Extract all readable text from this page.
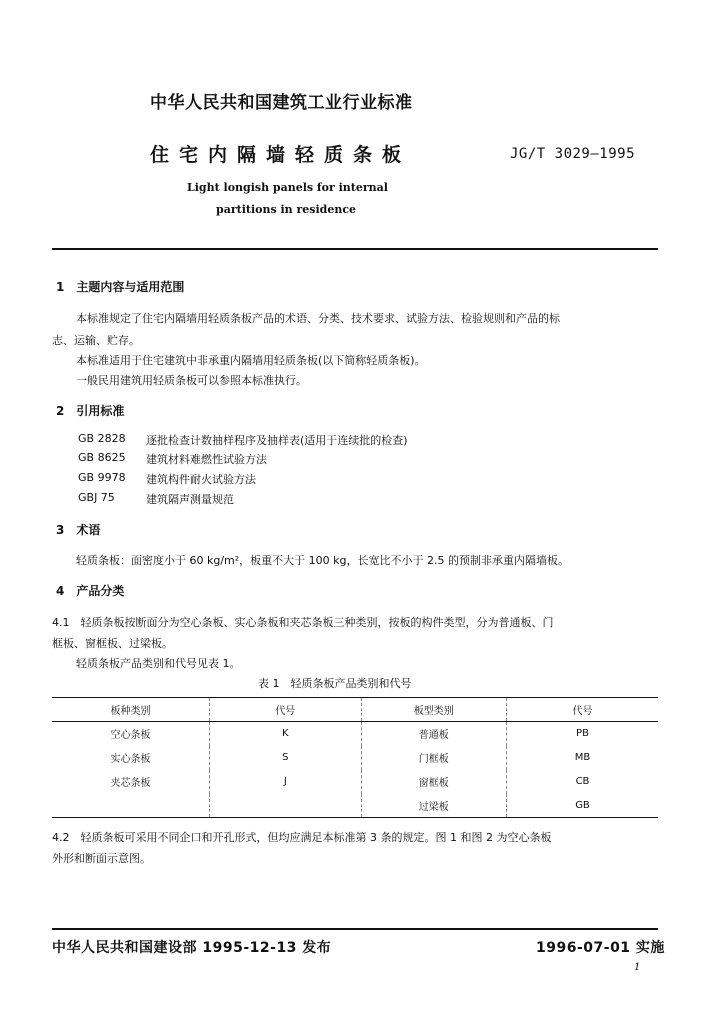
中华人民共和国建筑工业行业标准
住宅内隔墙轻质条板	JG/T 3029—1995
Light longish panels for internal
partitions in residence
1　主题内容与适用范围
本标准规定了住宅内隔墙用轻质条板产品的术语、分类、技术要求、试验方法、检验规则和产品的标
志、运输、贮存。
本标准适用于住宅建筑中非承重内隔墙用轻质条板(以下简称轻质条板)。
一般民用建筑用轻质条板可以参照本标准执行。
2　引用标准
GB 2828 逐批检查计数抽样程序及抽样表(适用于连续批的检查)
GB 8625 建筑材料难燃性试验方法
GB 9978 建筑构件耐火试验方法
GBJ 75	建筑隔声测量规范
3　术语
轻质条板：面密度小于 60 kg/m²，板重不大于 100 kg，长宽比不小于 2.5 的预制非承重内隔墙板。
4　产品分类
4.1　轻质条板按断面分为空心条板、实心条板和夹芯条板三种类别，按板的构件类型，分为普通板、门
框板、窗框板、过梁板。
轻质条板产品类别和代号见表 1。
表 1　轻质条板产品类别和代号
板种类别	代号	板型类别	代号
空心条板	K	普通板	PB
实心条板	S	门框板	MB
夹芯条板	J	窗框板	CB
		过梁板	GB
4.2　轻质条板可采用不同企口和开孔形式，但均应满足本标准第 3 条的规定。图 1 和图 2 为空心条板
外形和断面示意图。
中华人民共和国建设部 1995-12-13 发布	1996-07-01 实施
1
